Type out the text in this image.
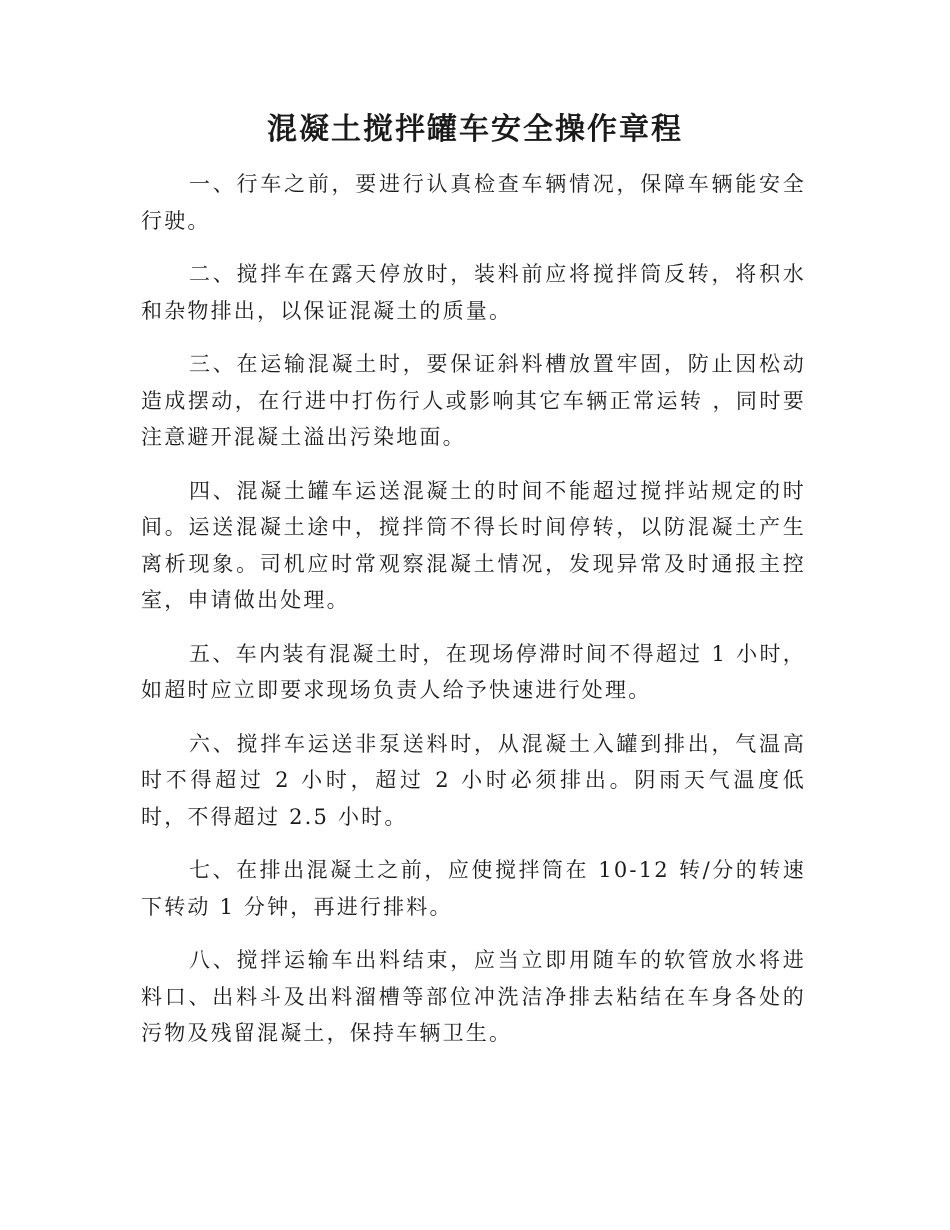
混凝土搅拌罐车安全操作章程

一、行车之前，要进行认真检查车辆情况，保障车辆能安全行驶。

二、搅拌车在露天停放时，装料前应将搅拌筒反转，将积水和杂物排出，以保证混凝土的质量。

三、在运输混凝土时，要保证斜料槽放置牢固，防止因松动造成摆动，在行进中打伤行人或影响其它车辆正常运转 ，同时要注意避开混凝土溢出污染地面。

四、混凝土罐车运送混凝土的时间不能超过搅拌站规定的时间。运送混凝土途中，搅拌筒不得长时间停转，以防混凝土产生离析现象。司机应时常观察混凝土情况，发现异常及时通报主控室，申请做出处理。

五、车内装有混凝土时，在现场停滞时间不得超过 1 小时，如超时应立即要求现场负责人给予快速进行处理。

六、搅拌车运送非泵送料时，从混凝土入罐到排出，气温高时不得超过 2 小时，超过 2 小时必须排出。阴雨天气温度低时，不得超过 2.5 小时。

七、在排出混凝土之前，应使搅拌筒在 10-12 转/分的转速下转动 1 分钟，再进行排料。

八、搅拌运输车出料结束，应当立即用随车的软管放水将进料口、出料斗及出料溜槽等部位冲洗洁净排去粘结在车身各处的污物及残留混凝土，保持车辆卫生。
